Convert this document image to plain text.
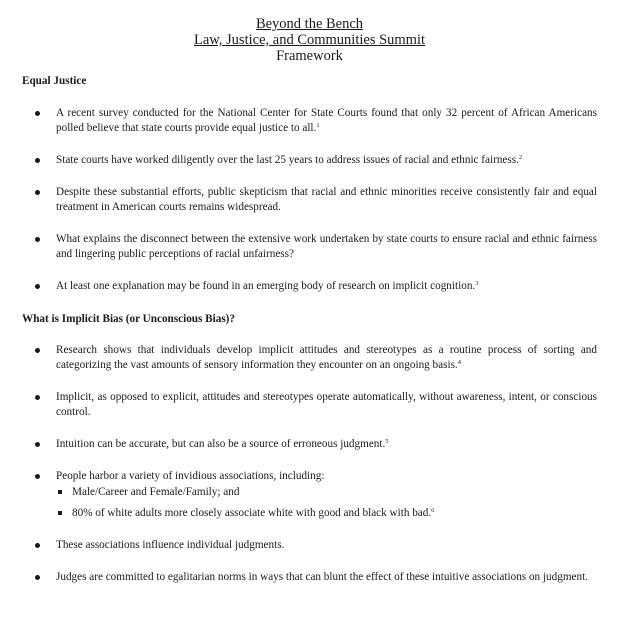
Beyond the Bench
Law, Justice, and Communities Summit
Framework
Equal Justice
A recent survey conducted for the National Center for State Courts found that only 32 percent of African Americans polled believe that state courts provide equal justice to all.$^1$
State courts have worked diligently over the last 25 years to address issues of racial and ethnic fairness.$^2$
Despite these substantial efforts, public skepticism that racial and ethnic minorities receive consistently fair and equal treatment in American courts remains widespread.
What explains the disconnect between the extensive work undertaken by state courts to ensure racial and ethnic fairness and lingering public perceptions of racial unfairness?
At least one explanation may be found in an emerging body of research on implicit cognition.$^3$
What is Implicit Bias (or Unconscious Bias)?
Research shows that individuals develop implicit attitudes and stereotypes as a routine process of sorting and categorizing the vast amounts of sensory information they encounter on an ongoing basis.$^4$
Implicit, as opposed to explicit, attitudes and stereotypes operate automatically, without awareness, intent, or conscious control.
Intuition can be accurate, but can also be a source of erroneous judgment.$^5$
People harbor a variety of invidious associations, including:
Male/Career and Female/Family; and
80% of white adults more closely associate white with good and black with bad.$^6$
These associations influence individual judgments.
Judges are committed to egalitarian norms in ways that can blunt the effect of these intuitive associations on judgment.
